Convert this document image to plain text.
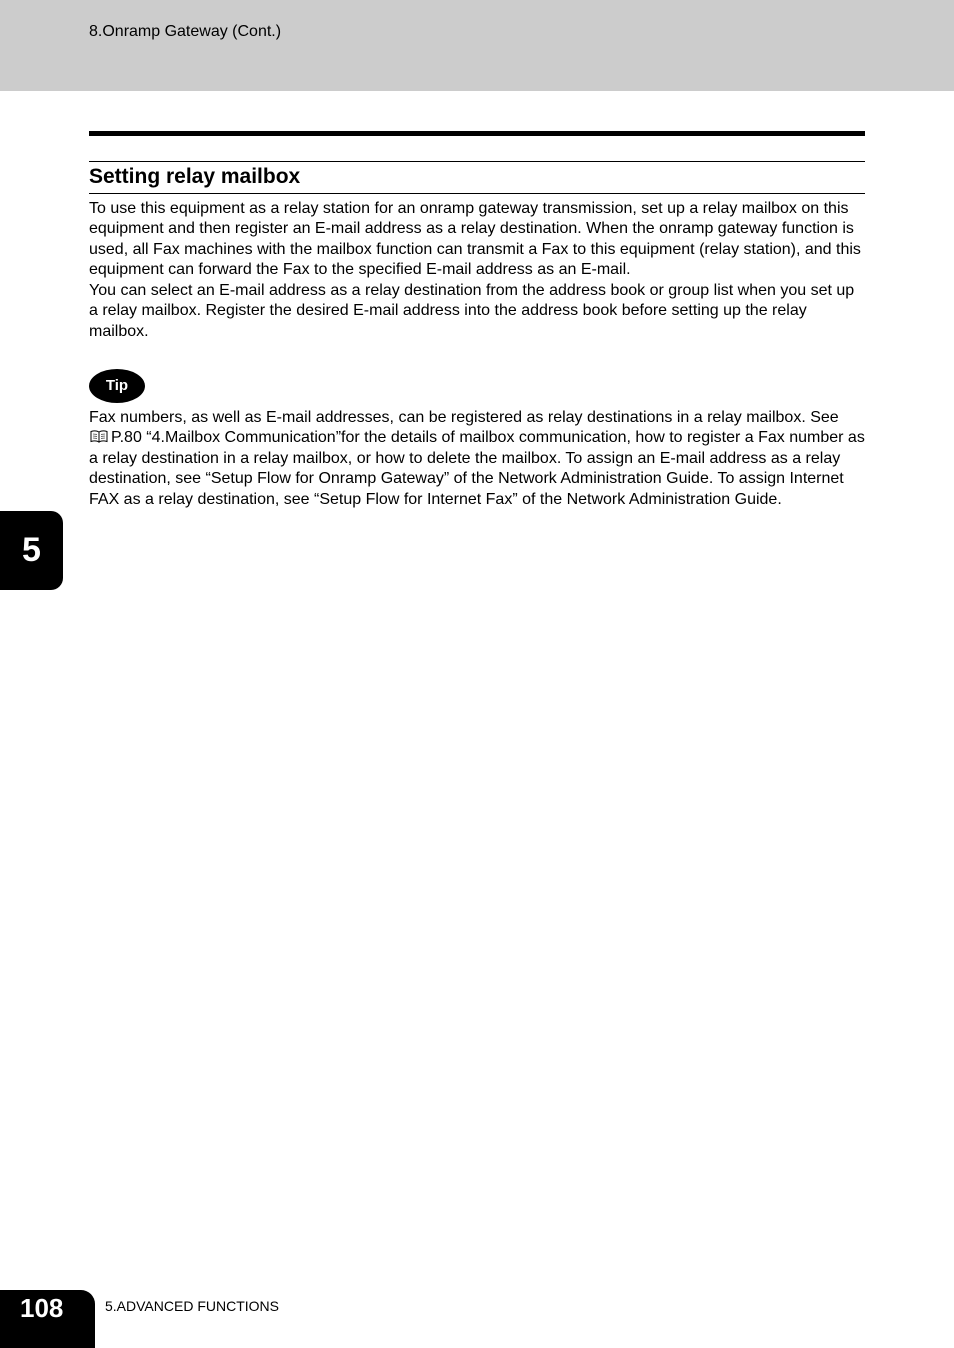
8.Onramp Gateway (Cont.)
Setting relay mailbox

To use this equipment as a relay station for an onramp gateway transmission, set up a relay mailbox on this equipment and then register an E-mail address as a relay destination. When the onramp gateway function is used, all Fax machines with the mailbox function can transmit a Fax to this equipment (relay station), and this equipment can forward the Fax to the specified E-mail address as an E-mail.

You can select an E-mail address as a relay destination from the address book or group list when you set up a relay mailbox. Register the desired E-mail address into the address book before setting up the relay mailbox.

Tip

Fax numbers, as well as E-mail addresses, can be registered as relay destinations in a relay mailbox. See
P.80 “4.Mailbox Communication”for the details of mailbox communication, how to register a Fax number as a relay destination in a relay mailbox, or how to delete the mailbox. To assign an E-mail address as a relay destination, see “Setup Flow for Onramp Gateway” of the Network Administration Guide. To assign Internet FAX as a relay destination, see “Setup Flow for Internet Fax” of the Network Administration Guide.

5
108	5.ADVANCED FUNCTIONS
